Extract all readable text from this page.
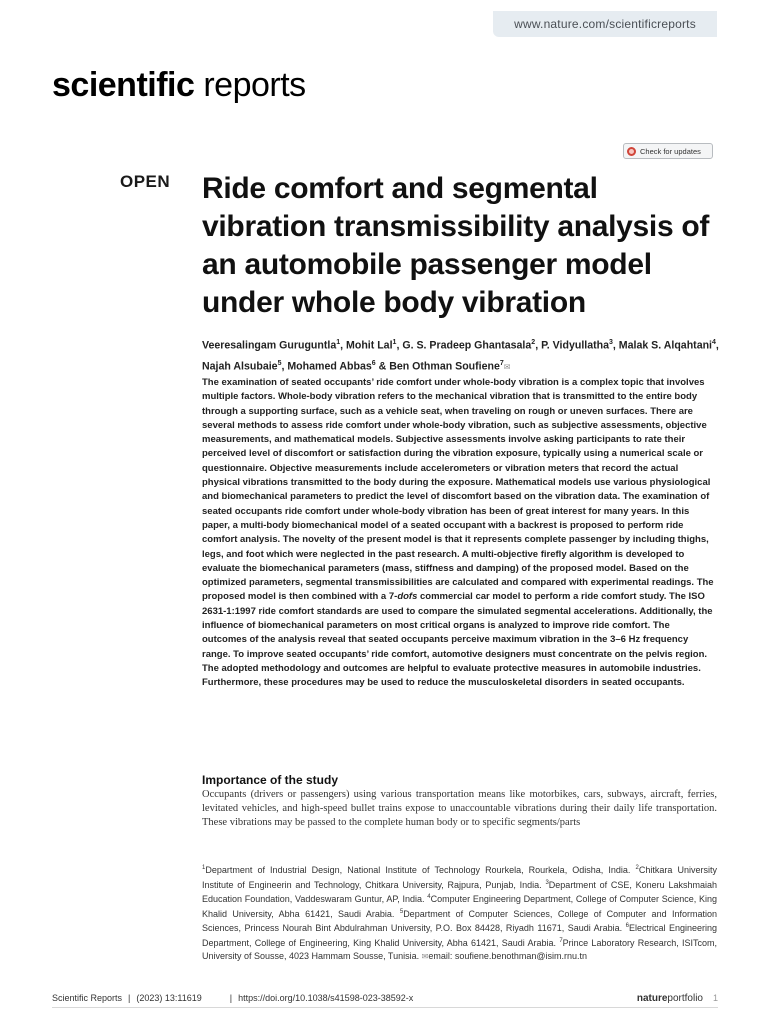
www.nature.com/scientificreports
scientific reports
Check for updates
OPEN Ride comfort and segmental vibration transmissibility analysis of an automobile passenger model under whole body vibration

Veeresalingam Guruguntla$^1$, Mohit Lal$^1$, G. S. Pradeep Ghantasala$^2$, P. Vidyullatha$^3$, Malak S. Alqahtani$^4$, Najah Alsubaie$^5$, Mohamed Abbas$^6$ & Ben Othman Soufiene$^7$✉

The examination of seated occupants’ ride comfort under whole-body vibration is a complex topic that involves multiple factors. Whole-body vibration refers to the mechanical vibration that is transmitted to the entire body through a supporting surface, such as a vehicle seat, when traveling on rough or uneven surfaces. There are several methods to assess ride comfort under whole-body vibration, such as subjective assessments, objective measurements, and mathematical models. Subjective assessments involve asking participants to rate their perceived level of discomfort or satisfaction during the vibration exposure, typically using a numerical scale or questionnaire. Objective measurements include accelerometers or vibration meters that record the actual physical vibrations transmitted to the body during the exposure. Mathematical models use various physiological and biomechanical parameters to predict the level of discomfort based on the vibration data. The examination of seated occupants ride comfort under whole-body vibration has been of great interest for many years. In this paper, a multi-body biomechanical model of a seated occupant with a backrest is proposed to perform ride comfort analysis. The novelty of the present model is that it represents complete passenger by including thighs, legs, and foot which were neglected in the past research. A multi-objective firefly algorithm is developed to evaluate the biomechanical parameters (mass, stiffness and damping) of the proposed model. Based on the optimized parameters, segmental transmissibilities are calculated and compared with experimental readings. The proposed model is then combined with a 7-dofs commercial car model to perform a ride comfort study. The ISO 2631-1:1997 ride comfort standards are used to compare the simulated segmental accelerations. Additionally, the influence of biomechanical parameters on most critical organs is analyzed to improve ride comfort. The outcomes of the analysis reveal that seated occupants perceive maximum vibration in the 3–6 Hz frequency range. To improve seated occupants’ ride comfort, automotive designers must concentrate on the pelvis region. The adopted methodology and outcomes are helpful to evaluate protective measures in automobile industries. Furthermore, these procedures may be used to reduce the musculoskeletal disorders in seated occupants.

Importance of the study

Occupants (drivers or passengers) using various transportation means like motorbikes, cars, subways, aircraft, ferries, levitated vehicles, and high-speed bullet trains expose to unaccountable vibrations during their daily life transportation. These vibrations may be passed to the complete human body or to specific segments/parts

$^1$Department of Industrial Design, National Institute of Technology Rourkela, Rourkela, Odisha, India. $^2$Chitkara University Institute of Engineerin and Technology, Chitkara University, Rajpura, Punjab, India. $^3$Department of CSE, Koneru Lakshmaiah Education Foundation, Vaddeswaram Guntur, AP, India. $^4$Computer Engineering Department, College of Computer Science, King Khalid University, Abha 61421, Saudi Arabia. $^5$Department of Computer Sciences, College of Computer and Information Sciences, Princess Nourah Bint Abdulrahman University, P.O. Box 84428, Riyadh 11671, Saudi Arabia. $^6$Electrical Engineering Department, College of Engineering, King Khalid University, Abha 61421, Saudi Arabia. $^7$Prince Laboratory Research, ISITcom, University of Sousse, 4023 Hammam Sousse, Tunisia. ✉email: soufiene.benothman@isim.rnu.tn

Scientific Reports | (2023) 13:11619	| https://doi.org/10.1038/s41598-023-38592-x	natureportfolio 1
